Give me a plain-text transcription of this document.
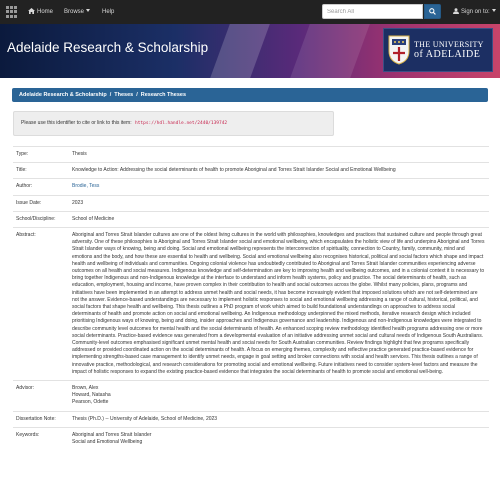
Home Browse	Help
Search All	Sign on to:
Adelaide Research & Scholarship	THE UNIVERSITY
of ADELAIDE
Adelaide Research & Scholarship / Theses / Research Theses
Please use this identifier to cite or link to this item: https://hdl.handle.net/2440/139742
Type:	Thesis
Title:	Knowledge to Action: Addressing the social determinants of health to promote Aboriginal and Torres Strait Islander Social and Emotional Wellbeing
Author:	Brodie, Tess
Issue Date:	2023
School/Discipline:	School of Medicine
Abstract:	Aboriginal and Torres Strait Islander cultures are one of the oldest living cultures in the world with philosophies, knowledges and practices that sustained culture and people through great adversity. One of these philosophies is Aboriginal and Torres Strait Islander social and emotional wellbeing, which encapsulates the holistic view of life and underpins Aboriginal and Torres Strait Islander ways of knowing, being and doing. Social and emotional wellbeing represents the interconnection of spirituality, connection to Country, family, community, mind and emotions and the body, and how these are essential to health and wellbeing. Social and emotional wellbeing also recognises historical, political and social factors which shape and impact health and wellbeing of individuals and communities. Ongoing colonial violence has undoubtedly contributed to Aboriginal and Torres Strait Islander communities experiencing adverse outcomes on all health and social measures. Indigenous knowledge and self-determination are key to improving health and wellbeing outcomes, and in a colonial context it is necessary to bring together Indigenous and non-Indigenous knowledge at the interface to understand and inform health systems, policy and practice. The social determinants of health, such as education, employment, housing and income, have proven complex in their contribution to health and social outcomes across the globe. Whilst many policies, plans, programs and initiatives have been implemented in an attempt to address unmet health and social needs, it has become increasingly evident that imposed solutions which are not self-determined are not the answer. Evidence-based understandings are necessary to implement holistic responses to social and emotional wellbeing addressing a range of cultural, historical, political, and social factors that shape health and wellbeing. This thesis outlines a PhD program of work which aimed to build foundational understandings on approaches to address social determinants of health and promote action on social and emotional wellbeing. An Indigenous methodology underpinned the mixed methods, iterative research design which included prioritising Indigenous ways of knowing, being and doing, insider approaches and Indigenous governance and leadership. Indigenous and non-Indigenous knowledges were integrated to describe community level outcomes for mental health and the social determinants of health. An enhanced scoping review methodology identified health programs addressing one or more social determinants. Practice-based evidence was generated from a developmental evaluation of an initiative addressing unmet social and cultural needs of Indigenous South Australians. Community-level outcomes emphasised significant unmet mental health and social needs for South Australian communities. Review findings highlight that few programs specifically addressed or provided coordinated action on the social determinants of health. A focus on emerging themes, complexity and reflective practice generated practice-based evidence for implementing strengths-based case management to identify unmet needs, engage in goal setting and broker connections with social and health services. This thesis outlines a range of innovative practice, methodological, and research considerations for promoting social and emotional wellbeing. Future initiatives need to consider system-level factors and measure the impact of holistic responses to expand the existing practice-based evidence that integrates the social determinants of health to promote social and emotional well-being.
Advisor:	Brown, Alex
Howard, Natasha
Pearson, Odette

Dissertation Note:	Thesis (Ph.D.) -- University of Adelaide, School of Medicine, 2023
Keywords:	Aboriginal and Torres Strait Islander
Social and Emotional Wellbeing
